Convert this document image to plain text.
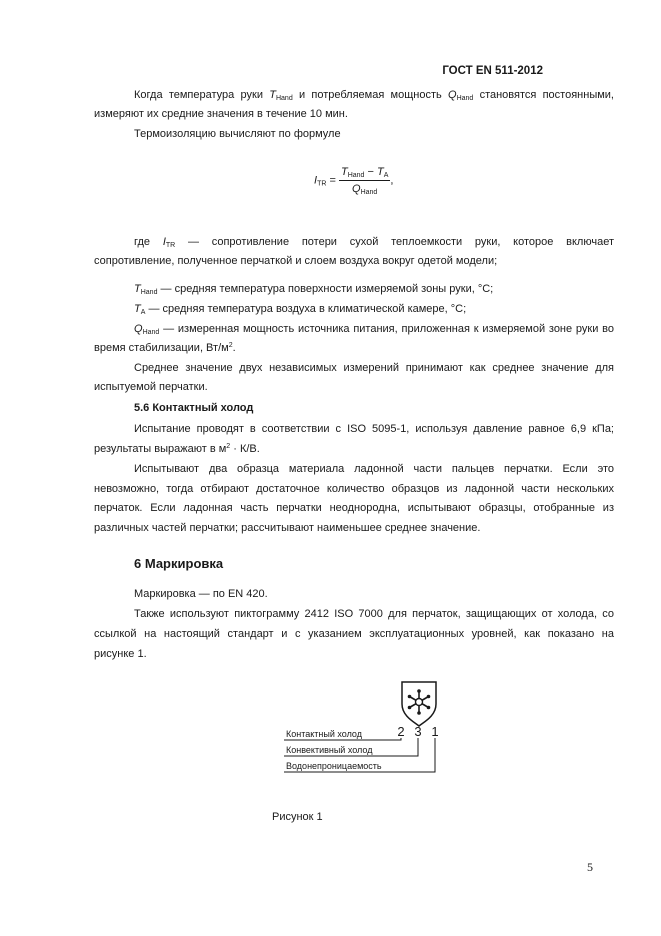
ГОСТ EN 511-2012

Когда температура руки $T_{Hand}$ и потребляемая мощность $Q_{Hand}$ становятся постоянными,

измеряют их средние значения в течение 10 мин.

Термоизоляцию вычисляют по формуле

$I_{TR} = \frac{T_{Hand} - T_A}{Q_{Hand}}$ ,

где $I_{TR}$ — сопротивление потери сухой теплоемкости руки, которое включает

сопротивление, полученное перчаткой и слоем воздуха вокруг одетой модели;

$T_{Hand}$ — средняя температура поверхности измеряемой зоны руки, °C;

$T_A$ — средняя температура воздуха в климатической камере, °C;

$Q_{Hand}$ — измеренная мощность источника питания, приложенная к измеряемой зоне руки во

время стабилизации, $Вт/м^2$.

Среднее значение двух независимых измерений принимают как среднее значение для

испытуемой перчатки.

5.6 Контактный холод

Испытание проводят в соответствии с ISO 5095-1, используя давление равное 6,9 кПа;

результаты выражают в $м^2 \cdot К/В$.

Испытывают два образца материала ладонной части пальцев перчатки. Если это

невозможно, тогда отбирают достаточное количество образцов из ладонной части нескольких

перчаток. Если ладонная часть перчатки неоднородна, испытывают образцы, отобранные из

различных частей перчатки; рассчитывают наименьшее среднее значение.

6 Маркировка

Маркировка — по EN 420.

Также используют пиктограмму 2412 ISO 7000 для перчаток, защищающих от холода, со

ссылкой на настоящий стандарт и с указанием эксплуатационных уровней, как показано на

рисунке 1.

2 3 1
Контактный холод
Конвективный холод
Водонепроницаемость
Рисунок 1
5
